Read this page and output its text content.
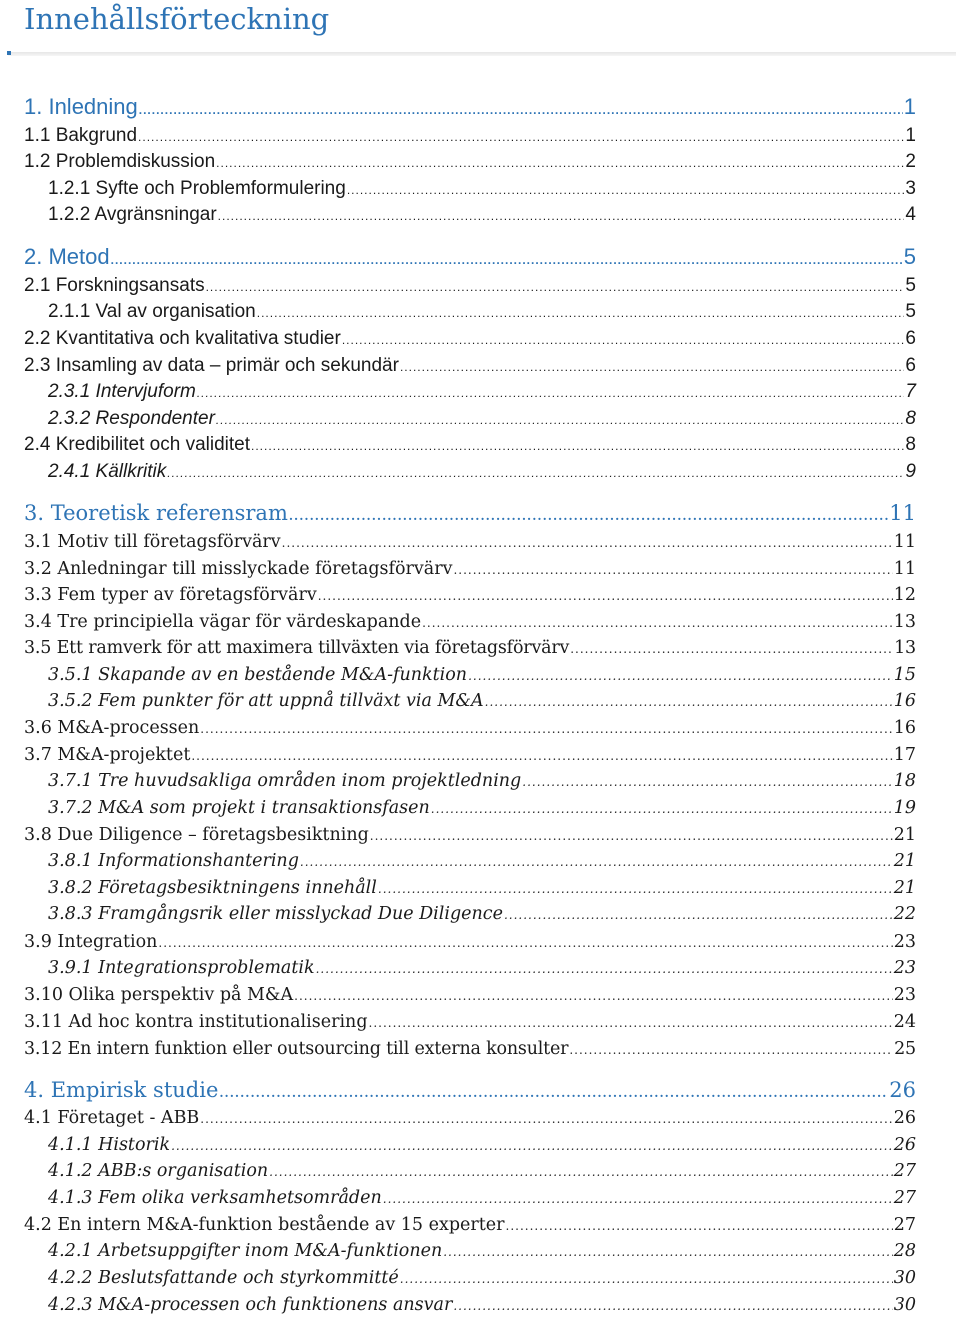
Innehållsförteckning
1. Inledning .....	1
1.1 Bakgrund .....	1
1.2 Problemdiskussion .....	2
1.2.1 Syfte och Problemformulering .....	3
1.2.2 Avgränsningar .....	4
2. Metod .....	5
2.1 Forskningsansats .....	5
2.1.1 Val av organisation .....	5
2.2 Kvantitativa och kvalitativa studier .....	6
2.3 Insamling av data – primär och sekundär .....	6
2.3.1 Intervjuform .....	7
2.3.2 Respondenter .....	8
2.4 Kredibilitet och validitet .....	8
2.4.1 Källkritik .....	9
3. Teoretisk referensram .....	11
3.1 Motiv till företagsförvärv .....	11
3.2 Anledningar till misslyckade företagsförvärv .....	11
3.3 Fem typer av företagsförvärv .....	12
3.4 Tre principiella vägar för värdeskapande .....	13
3.5 Ett ramverk för att maximera tillväxten via företagsförvärv .....	13
3.5.1 Skapande av en bestående M&A-funktion .....	15
3.5.2 Fem punkter för att uppnå tillväxt via M&A .....	16
3.6 M&A-processen .....	16
3.7 M&A-projektet .....	17
3.7.1 Tre huvudsakliga områden inom projektledning .....	18
3.7.2 M&A som projekt i transaktionsfasen .....	19
3.8 Due Diligence – företagsbesiktning .....	21
3.8.1 Informationshantering .....	21
3.8.2 Företagsbesiktningens innehåll .....	21
3.8.3 Framgångsrik eller misslyckad Due Diligence .....	22
3.9 Integration .....	23
3.9.1 Integrationsproblematik .....	23
3.10 Olika perspektiv på M&A .....	23
3.11 Ad hoc kontra institutionalisering .....	24
3.12 En intern funktion eller outsourcing till externa konsulter .....	25
4. Empirisk studie .....	26
4.1 Företaget - ABB .....	26
4.1.1 Historik .....	26
4.1.2 ABB:s organisation .....	27
4.1.3 Fem olika verksamhetsområden .....	27
4.2 En intern M&A-funktion bestående av 15 experter .....	27
4.2.1 Arbetsuppgifter inom M&A-funktionen .....	28
4.2.2 Beslutsfattande och styrkommitté .....	30
4.2.3 M&A-processen och funktionens ansvar .....	30
